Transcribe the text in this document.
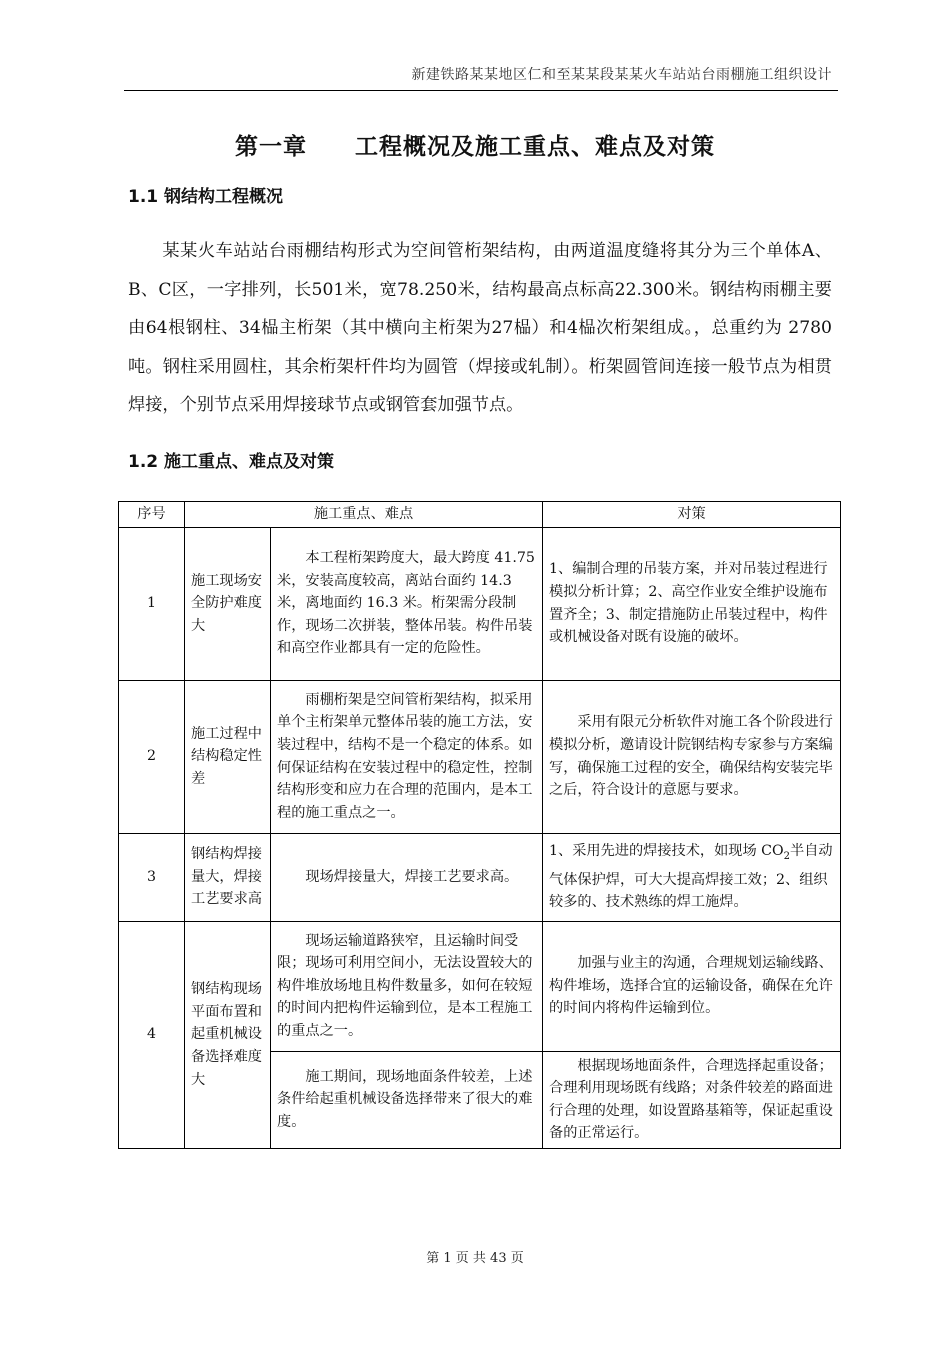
新建铁路某某地区仁和至某某段某某火车站站台雨棚施工组织设计
第一章　　工程概况及施工重点、难点及对策
1.1 钢结构工程概况

某某火车站站台雨棚结构形式为空间管桁架结构，由两道温度缝将其分为三个单体A、B、C区，一字排列，长501米，宽78.250米，结构最高点标高22.300米。钢结构雨棚主要由64根钢柱、34榀主桁架（其中横向主桁架为27榀）和4榀次桁架组成。，总重约为 2780 吨。钢柱采用圆柱，其余桁架杆件均为圆管（焊接或轧制）。桁架圆管间连接一般节点为相贯焊接，个别节点采用焊接球节点或钢管套加强节点。

1.2 施工重点、难点及对策
序号	施工重点、难点		对策
1	施工现场安全防护难度大	本工程桁架跨度大，最大跨度 41.75 米，安装高度较高，离站台面约 14.3 米，离地面约 16.3 米。桁架需分段制作，现场二次拼装，整体吊装。构件吊装和高空作业都具有一定的危险性。	1、编制合理的吊装方案，并对吊装过程进行模拟分析计算；2、高空作业安全维护设施布置齐全；3、制定措施防止吊装过程中，构件或机械设备对既有设施的破坏。
2	施工过程中结构稳定性差	雨棚桁架是空间管桁架结构，拟采用单个主桁架单元整体吊装的施工方法，安装过程中，结构不是一个稳定的体系。如何保证结构在安装过程中的稳定性，控制结构形变和应力在合理的范围内，是本工程的施工重点之一。	采用有限元分析软件对施工各个阶段进行模拟分析，邀请设计院钢结构专家参与方案编写，确保施工过程的安全，确保结构安装完毕之后，符合设计的意愿与要求。
3	钢结构焊接量大，焊接工艺要求高	现场焊接量大，焊接工艺要求高。	1、采用先进的焊接技术，如现场 $CO_2$半自动气体保护焊，可大大提高焊接工效；2、组织较多的、技术熟练的焊工施焊。
4	钢结构现场平面布置和起重机械设备选择难度大	现场运输道路狭窄，且运输时间受限；现场可利用空间小，无法设置较大的构件堆放场地且构件数量多，如何在较短的时间内把构件运输到位，是本工程施工的重点之一。	加强与业主的沟通，合理规划运输线路、构件堆场，选择合宜的运输设备，确保在允许的时间内将构件运输到位。
		施工期间，现场地面条件较差，上述条件给起重机械设备选择带来了很大的难度。	根据现场地面条件，合理选择起重设备；合理利用现场既有线路；对条件较差的路面进行合理的处理，如设置路基箱等，保证起重设备的正常运行。
第 1 页 共 43 页
